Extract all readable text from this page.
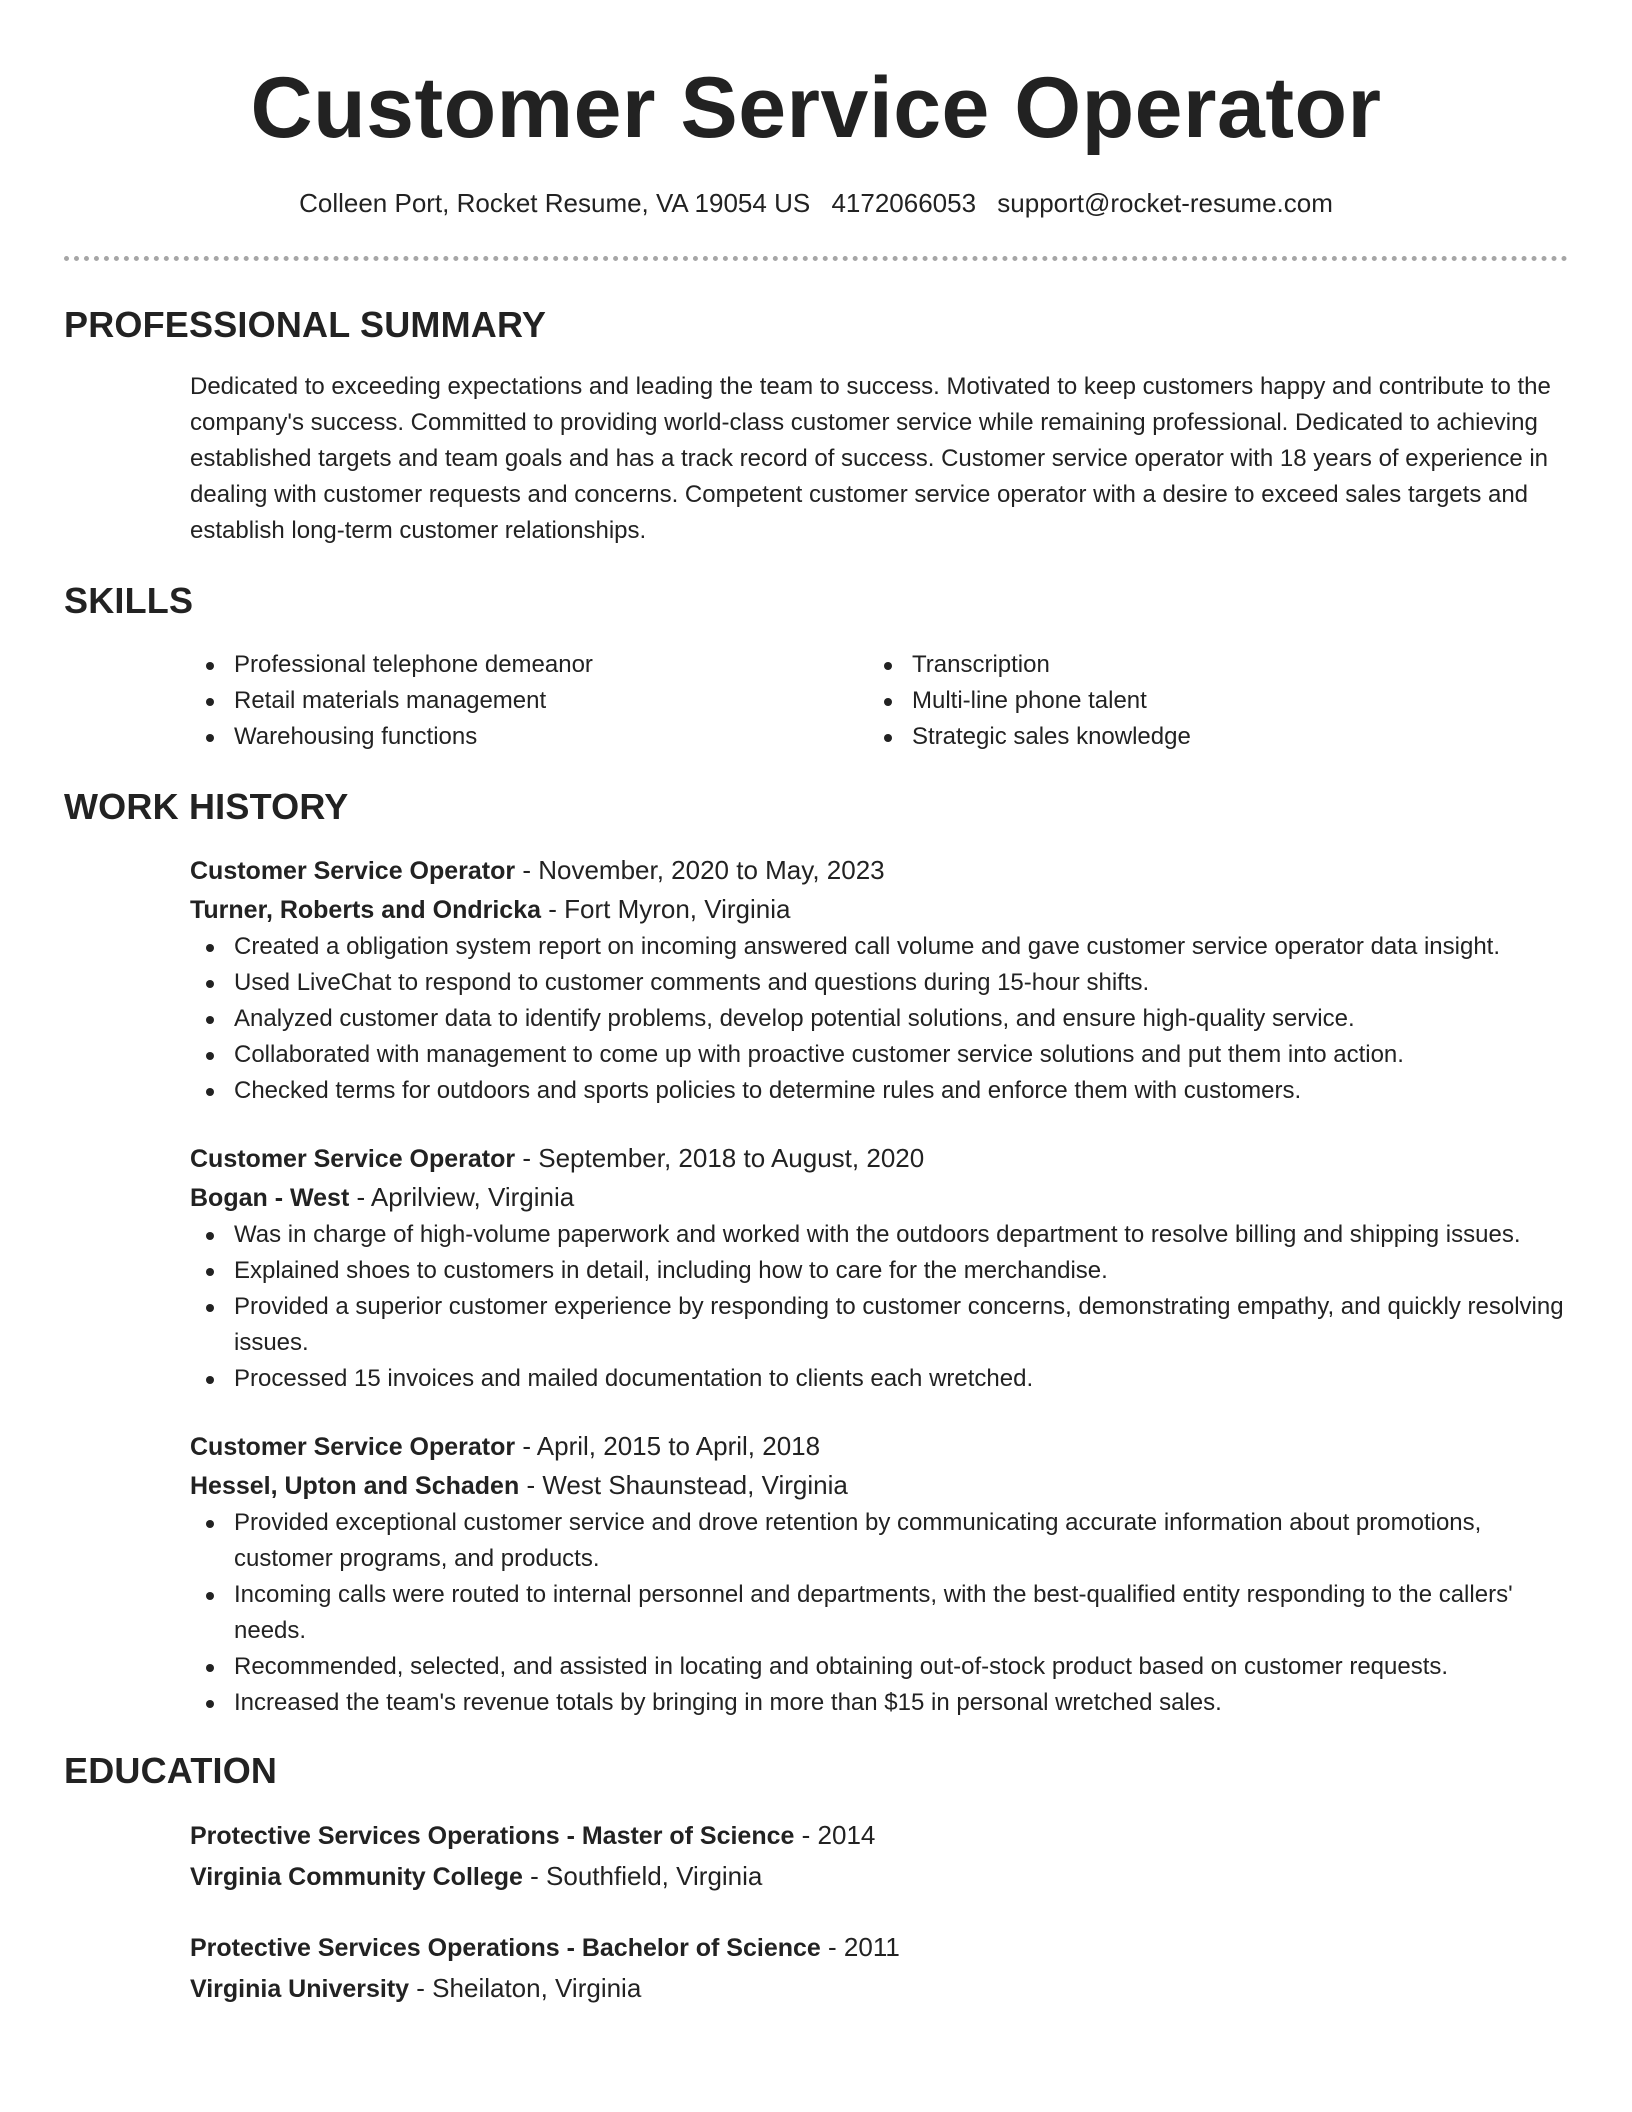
Customer Service Operator
Colleen Port, Rocket Resume, VA 19054 US 4172066053 support@rocket-resume.com
PROFESSIONAL SUMMARY

Dedicated to exceeding expectations and leading the team to success. Motivated to keep customers happy and contribute to the company's success. Committed to providing world-class customer service while remaining professional. Dedicated to achieving established targets and team goals and has a track record of success. Customer service operator with 18 years of experience in dealing with customer requests and concerns. Competent customer service operator with a desire to exceed sales targets and establish long-term customer relationships.

SKILLS
Professional telephone demeanor
Retail materials management
Warehousing functions
Transcription
Multi-line phone talent
Strategic sales knowledge
WORK HISTORY
Customer Service Operator - November, 2020 to May, 2023
Turner, Roberts and Ondricka - Fort Myron, Virginia
Created a obligation system report on incoming answered call volume and gave customer service operator data insight.
Used LiveChat to respond to customer comments and questions during 15-hour shifts.
Analyzed customer data to identify problems, develop potential solutions, and ensure high-quality service.
Collaborated with management to come up with proactive customer service solutions and put them into action.
Checked terms for outdoors and sports policies to determine rules and enforce them with customers.
Customer Service Operator - September, 2018 to August, 2020
Bogan - West - Aprilview, Virginia
Was in charge of high-volume paperwork and worked with the outdoors department to resolve billing and shipping issues.
Explained shoes to customers in detail, including how to care for the merchandise.
Provided a superior customer experience by responding to customer concerns, demonstrating empathy, and quickly resolving issues.
Processed 15 invoices and mailed documentation to clients each wretched.
Customer Service Operator - April, 2015 to April, 2018
Hessel, Upton and Schaden - West Shaunstead, Virginia
Provided exceptional customer service and drove retention by communicating accurate information about promotions, customer programs, and products.
Incoming calls were routed to internal personnel and departments, with the best-qualified entity responding to the callers' needs.
Recommended, selected, and assisted in locating and obtaining out-of-stock product based on customer requests.
Increased the team's revenue totals by bringing in more than $15 in personal wretched sales.
EDUCATION
Protective Services Operations - Master of Science - 2014
Virginia Community College - Southfield, Virginia
Protective Services Operations - Bachelor of Science - 2011
Virginia University - Sheilaton, Virginia
